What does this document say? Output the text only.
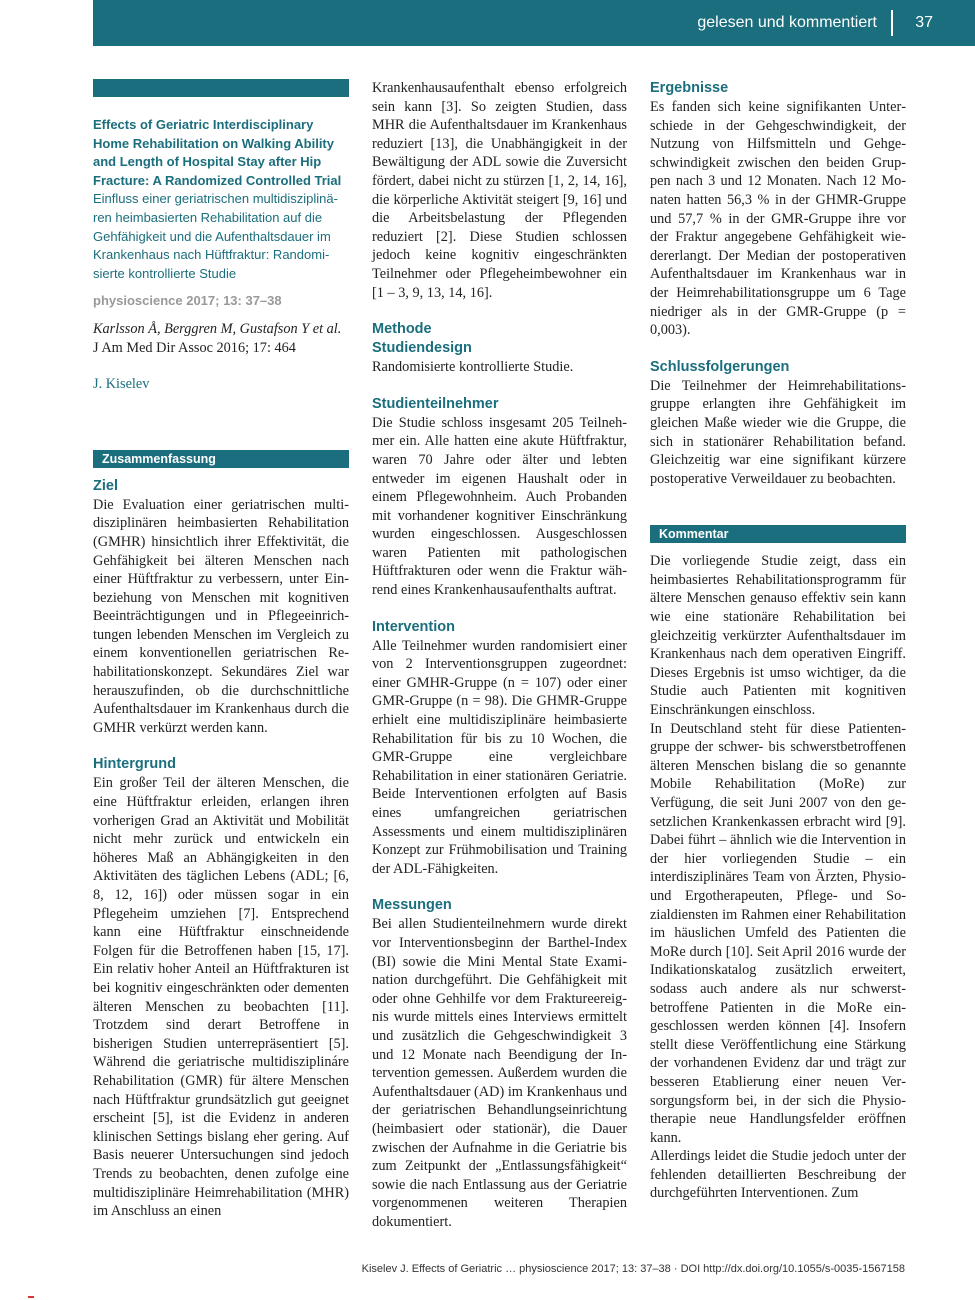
gelesen und kommentiert	37
Effects of Geriatric Interdisciplinary Home Rehabilitation on Walking Ability and Length of Hospital Stay after Hip Fracture: A Randomized Controlled Trial
Einfluss einer geriatrischen multidisziplinären heimbasierten Rehabilitation auf die Gehfähigkeit und die Aufenthaltsdauer im Krankenhaus nach Hüftfraktur: Randomisierte kontrollierte Studie
physioscience 2017; 13: 37–38
Karlsson Å, Berggren M, Gustafson Y et al.
J Am Med Dir Assoc 2016; 17: 464
J. Kiselev
Zusammenfassung
Ziel
Die Evaluation einer geriatrischen multidisziplinären heimbasierten Rehabilitation (GMHR) hinsichtlich ihrer Effektivität, die Gehfähigkeit bei älteren Menschen nach einer Hüftfraktur zu verbessern, unter Einbeziehung von Menschen mit kognitiven Beeinträchtigungen und in Pflegeeinrichtungen lebenden Menschen im Vergleich zu einem konventionellen geriatrischen Rehabilitationskonzept. Sekundäres Ziel war herauszufinden, ob die durchschnittliche Aufenthaltsdauer im Krankenhaus durch die GMHR verkürzt werden kann.
Hintergrund
Ein großer Teil der älteren Menschen, die eine Hüftfraktur erleiden, erlangen ihren vorherigen Grad an Aktivität und Mobilität nicht mehr zurück und entwickeln ein höheres Maß an Abhängigkeiten in den Aktivitäten des täglichen Lebens (ADL; [6, 8, 12, 16]) oder müssen sogar in ein Pflegeheim umziehen [7]. Entsprechend kann eine Hüftfraktur einschneidende Folgen für die Betroffenen haben [15, 17]. Ein relativ hoher Anteil an Hüftfrakturen ist bei kognitiv eingeschränkten oder dementen älteren Menschen zu beobachten [11]. Trotzdem sind derart Betroffene in bisherigen Studien unterrepräsentiert [5]. Während die geriatrische multidisziplináre Rehabilitation (GMR) für ältere Menschen nach Hüftfraktur grundsätzlich gut geeignet erscheint [5], ist die Evidenz in anderen klinischen Settings bislang eher gering. Auf Basis neuerer Untersuchungen sind jedoch Trends zu beobachten, denen zufolge eine multidisziplinäre Heimrehabilitation (MHR) im Anschluss an einen
Krankenhausaufenthalt ebenso erfolgreich sein kann [3]. So zeigten Studien, dass MHR die Aufenthaltsdauer im Krankenhaus reduziert [13], die Unabhängigkeit in der Bewältigung der ADL sowie die Zuversicht fördert, dabei nicht zu stürzen [1, 2, 14, 16], die körperliche Aktivität steigert [9, 16] und die Arbeitsbelastung der Pflegenden reduziert [2]. Diese Studien schlossen jedoch keine kognitiv eingeschränkten Teilnehmer oder Pflegeheimbewohner ein [1 – 3, 9, 13, 14, 16].
Methode
Studiendesign
Randomisierte kontrollierte Studie.
Studienteilnehmer
Die Studie schloss insgesamt 205 Teilnehmer ein. Alle hatten eine akute Hüftfraktur, waren 70 Jahre oder älter und lebten entweder im eigenen Haushalt oder in einem Pflegewohnheim. Auch Probanden mit vorhandener kognitiver Einschränkung wurden eingeschlossen. Ausgeschlossen waren Patienten mit pathologischen Hüftfrakturen oder wenn die Fraktur während eines Krankenhausaufenthalts auftrat.
Intervention
Alle Teilnehmer wurden randomisiert einer von 2 Interventionsgruppen zugeordnet: einer GMHR-Gruppe (n = 107) oder einer GMR-Gruppe (n = 98). Die GHMR-Gruppe erhielt eine multidisziplinäre heimbasierte Rehabilitation für bis zu 10 Wochen, die GMR-Gruppe eine vergleichbare Rehabilitation in einer stationären Geriatrie. Beide Interventionen erfolgten auf Basis eines umfangreichen geriatrischen Assessments und einem multidisziplinären Konzept zur Frühmobilisation und Training der ADL-Fähigkeiten.
Messungen
Bei allen Studienteilnehmern wurde direkt vor Interventionsbeginn der Barthel-Index (BI) sowie die Mini Mental State Examination durchgeführt. Die Gehfähigkeit mit oder ohne Gehhilfe vor dem Fraktureereignis wurde mittels eines Interviews ermittelt und zusätzlich die Gehgeschwindigkeit 3 und 12 Monate nach Beendigung der Intervention gemessen. Außerdem wurden die Aufenthaltsdauer (AD) im Krankenhaus und der geriatrischen Behandlungseinrichtung (heimbasiert oder stationär), die Dauer zwischen der Aufnahme in die Geriatrie bis zum Zeitpunkt der „Entlassungsfähigkeit“ sowie die nach Entlassung aus der Geriatrie vorgenommenen weiteren Therapien dokumentiert.
Ergebnisse
Es fanden sich keine signifikanten Unterschiede in der Gehgeschwindigkeit, der Nutzung von Hilfsmitteln und Gehgeschwindigkeit zwischen den beiden Gruppen nach 3 und 12 Monaten. Nach 12 Monaten hatten 56,3 % in der GHMR-Gruppe und 57,7 % in der GMR-Gruppe ihre vor der Fraktur angegebene Gehfähigkeit wiedererlangt. Der Median der postoperativen Aufenthaltsdauer im Krankenhaus war in der Heimrehabilitationsgruppe um 6 Tage niedriger als in der GMR-Gruppe (p = 0,003).
Schlussfolgerungen
Die Teilnehmer der Heimrehabilitationsgruppe erlangten ihre Gehfähigkeit im gleichen Maße wieder wie die Gruppe, die sich in stationärer Rehabilitation befand. Gleichzeitig war eine signifikant kürzere postoperative Verweildauer zu beobachten.
Kommentar
Die vorliegende Studie zeigt, dass ein heimbasiertes Rehabilitationsprogramm für ältere Menschen genauso effektiv sein kann wie eine stationäre Rehabilitation bei gleichzeitig verkürzter Aufenthaltsdauer im Krankenhaus nach dem operativen Eingriff. Dieses Ergebnis ist umso wichtiger, da die Studie auch Patienten mit kognitiven Einschränkungen einschloss.
In Deutschland steht für diese Patientengruppe der schwer- bis schwerstbetroffenen älteren Menschen bislang die so genannte Mobile Rehabilitation (MoRe) zur Verfügung, die seit Juni 2007 von den gesetzlichen Krankenkassen erbracht wird [9]. Dabei führt – ähnlich wie die Intervention in der hier vorliegenden Studie – ein interdisziplinäres Team von Ärzten, Physio- und Ergotherapeuten, Pflege- und Sozialdiensten im Rahmen einer Rehabilitation im häuslichen Umfeld des Patienten die MoRe durch [10]. Seit April 2016 wurde der Indikationskatalog zusätzlich erweitert, sodass auch andere als nur schwerstbetroffene Patienten in die MoRe eingeschlossen werden können [4]. Insofern stellt diese Veröffentlichung eine Stärkung der vorhandenen Evidenz dar und trägt zur besseren Etablierung einer neuen Versorgungsform bei, in der sich die Physiotherapie neue Handlungsfelder eröffnen kann.
Allerdings leidet die Studie jedoch unter der fehlenden detaillierten Beschreibung der durchgeführten Interventionen. Zum
Kiselev J. Effects of Geriatric … physioscience 2017; 13: 37–38 · DOI http://dx.doi.org/10.1055/s-0035-1567158
